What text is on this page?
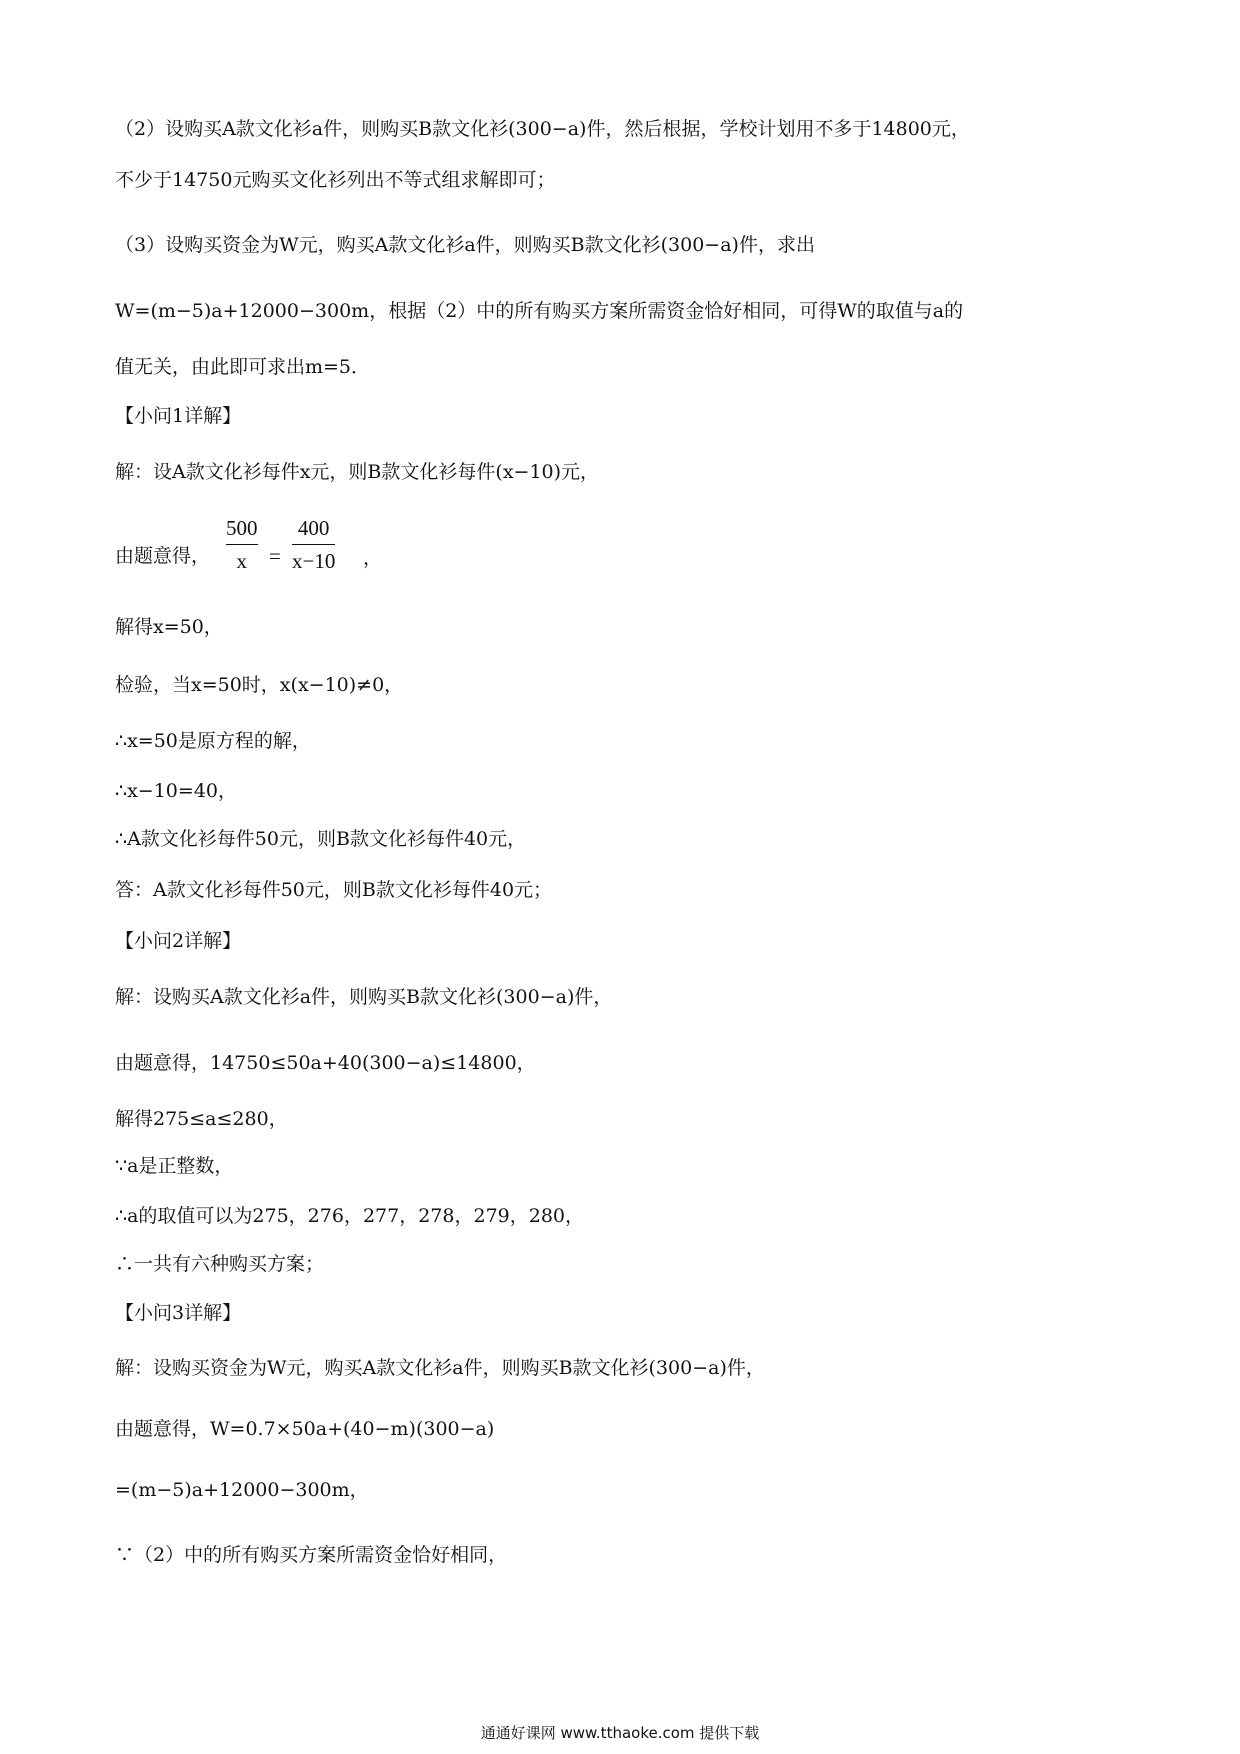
（2）设购买A款文化衫a件，则购买B款文化衫(300−a)件，然后根据，学校计划用不多于14800元，
不少于14750元购买文化衫列出不等式组求解即可；
（3）设购买资金为W元，购买A款文化衫a件，则购买B款文化衫(300−a)件，求出
W=(m−5)a+12000−300m，根据（2）中的所有购买方案所需资金恰好相同，可得W的取值与a的
值无关，由此即可求出m=5．
【小问1详解】
解：设A款文化衫每件x元，则B款文化衫每件(x−10)元，
由题意得，
500
x	=
400
x−10 ，
解得x=50，
检验，当x=50时，x(x−10)≠0，
∴x=50是原方程的解，
∴x−10=40，
∴A款文化衫每件50元，则B款文化衫每件40元，
答：A款文化衫每件50元，则B款文化衫每件40元；
【小问2详解】
解：设购买A款文化衫a件，则购买B款文化衫(300−a)件，
由题意得，14750≤50a+40(300−a)≤14800，
解得275≤a≤280，
∵a是正整数，
∴a的取值可以为275，276，277，278，279，280，
∴一共有六种购买方案；
【小问3详解】
解：设购买资金为W元，购买A款文化衫a件，则购买B款文化衫(300−a)件，
由题意得，W=0.7×50a+(40−m)(300−a)
=(m−5)a+12000−300m，
∵（2）中的所有购买方案所需资金恰好相同，
通通好课网 www.tthaoke.com 提供下载
